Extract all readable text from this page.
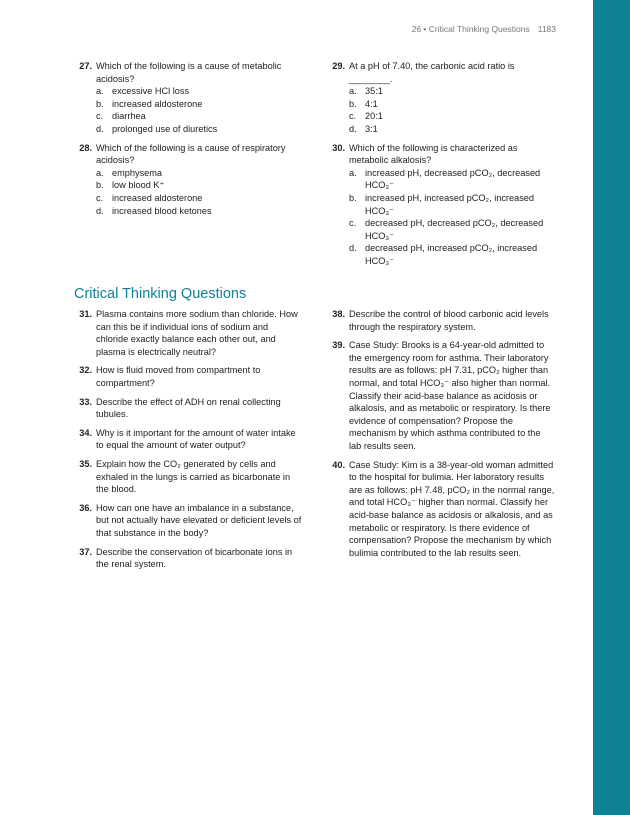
26 • Critical Thinking Questions 1183
27. Which of the following is a cause of metabolic acidosis?
a. excessive HCl loss
b. increased aldosterone
c. diarrhea
d. prolonged use of diuretics
28. Which of the following is a cause of respiratory acidosis?
a. emphysema
b. low blood K⁺
c. increased aldosterone
d. increased blood ketones
29. At a pH of 7.40, the carbonic acid ratio is ________.
a. 35:1
b. 4:1
c. 20:1
d. 3:1
30. Which of the following is characterized as metabolic alkalosis?
a. increased pH, decreased pCO₂, decreased HCO₃⁻
b. increased pH, increased pCO₂, increased HCO₃⁻
c. decreased pH, decreased pCO₂, decreased HCO₃⁻
d. decreased pH, increased pCO₂, increased HCO₃⁻
Critical Thinking Questions
31. Plasma contains more sodium than chloride. How can this be if individual ions of sodium and chloride exactly balance each other out, and plasma is electrically neutral?
32. How is fluid moved from compartment to compartment?
33. Describe the effect of ADH on renal collecting tubules.
34. Why is it important for the amount of water intake to equal the amount of water output?
35. Explain how the CO₂ generated by cells and exhaled in the lungs is carried as bicarbonate in the blood.
36. How can one have an imbalance in a substance, but not actually have elevated or deficient levels of that substance in the body?
37. Describe the conservation of bicarbonate ions in the renal system.
38. Describe the control of blood carbonic acid levels through the respiratory system.
39. Case Study: Brooks is a 64-year-old admitted to the emergency room for asthma. Their laboratory results are as follows: pH 7.31, pCO₂ higher than normal, and total HCO₃⁻ also higher than normal. Classify their acid-base balance as acidosis or alkalosis, and as metabolic or respiratory. Is there evidence of compensation? Propose the mechanism by which asthma contributed to the lab results seen.
40. Case Study: Kim is a 38-year-old woman admitted to the hospital for bulimia. Her laboratory results are as follows: pH 7.48, pCO₂ in the normal range, and total HCO₃⁻ higher than normal. Classify her acid-base balance as acidosis or alkalosis, and as metabolic or respiratory. Is there evidence of compensation? Propose the mechanism by which bulimia contributed to the lab results seen.
